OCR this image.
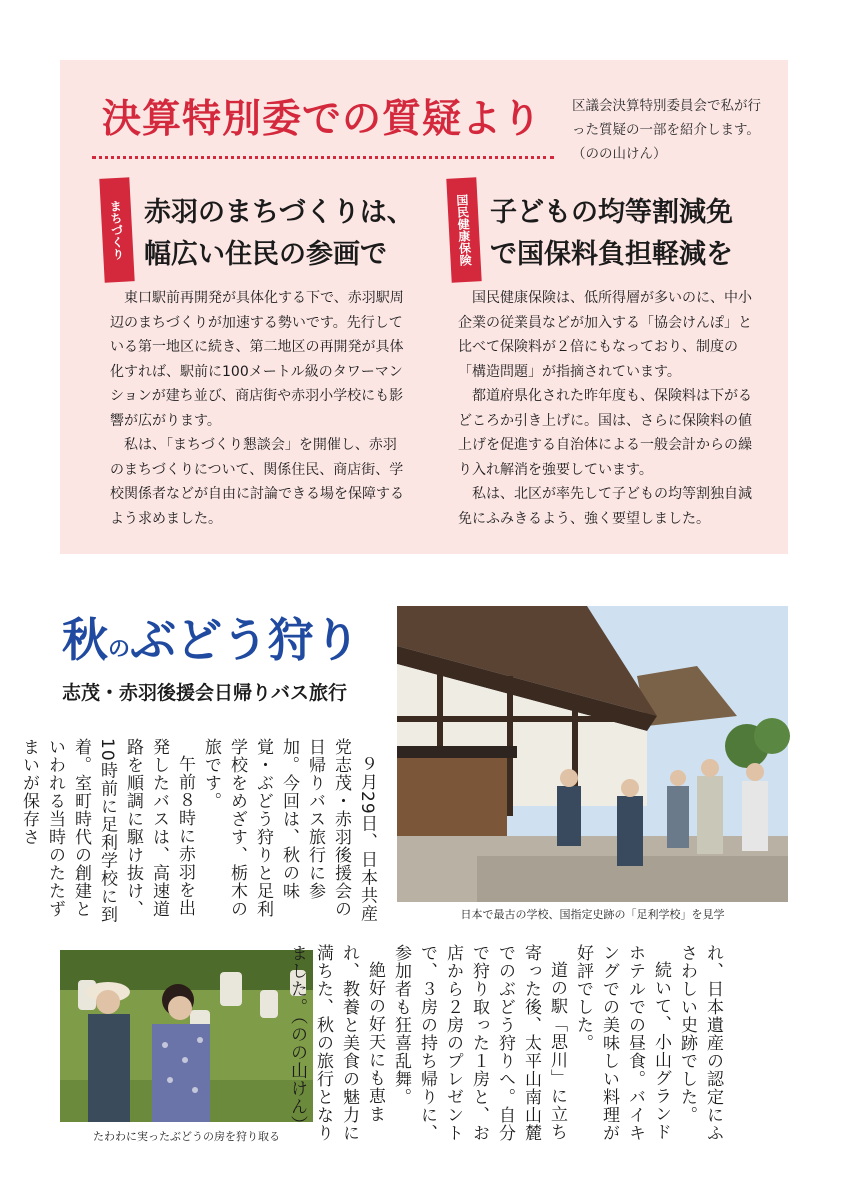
決算特別委での質疑より 区議会決算特別委員会で私が行った質疑の一部を紹介します。（のの山けん）
まちづくり 赤羽のまちづくりは、
幅広い住民の参画で

東口駅前再開発が具体化する下で、赤羽駅周辺のまちづくりが加速する勢いです。先行している第一地区に続き、第二地区の再開発が具体化すれば、駅前に100メートル級のタワーマンションが建ち並び、商店街や赤羽小学校にも影響が広がります。

私は、「まちづくり懇談会」を開催し、赤羽のまちづくりについて、関係住民、商店街、学校関係者などが自由に討論できる場を保障するよう求めました。

国民健康保険 子どもの均等割減免
で国保料負担軽減を

国民健康保険は、低所得層が多いのに、中小企業の従業員などが加入する「協会けんぽ」と比べて保険料が２倍にもなっており、制度の「構造問題」が指摘されています。

都道府県化された昨年度も、保険料は下がるどころか引き上げに。国は、さらに保険料の値上げを促進する自治体による一般会計からの繰り入れ解消を強要しています。

私は、北区が率先して子どもの均等割独自減免にふみきるよう、強く要望しました。

秋のぶどう狩り
志茂・赤羽後援会日帰りバス旅行

９月29日、日本共産党志茂・赤羽後援会の日帰りバス旅行に参加。今回は、秋の味覚・ぶどう狩りと足利学校をめざす、栃木の旅です。

午前８時に赤羽を出発したバスは、高速道路を順調に駆け抜け、10時前に足利学校に到着。室町時代の創建といわれる当時のたたずまいが保存さ

日本で最古の学校、国指定史跡の「足利学校」を見学
たわわに実ったぶどうの房を狩り取る	れ、日本遺産の認定にふさわしい史跡でした。

続いて、小山グランドホテルでの昼食。バイキングでの美味しい料理が好評でした。

道の駅「思川」に立ち寄った後、太平山南山麓でのぶどう狩りへ。自分で狩り取った１房と、お店から２房のプレゼントで、３房の持ち帰りに、参加者も狂喜乱舞。

絶好の好天にも恵まれ、教養と美食の魅力に満ちた、秋の旅行となりました。（のの山けん）
